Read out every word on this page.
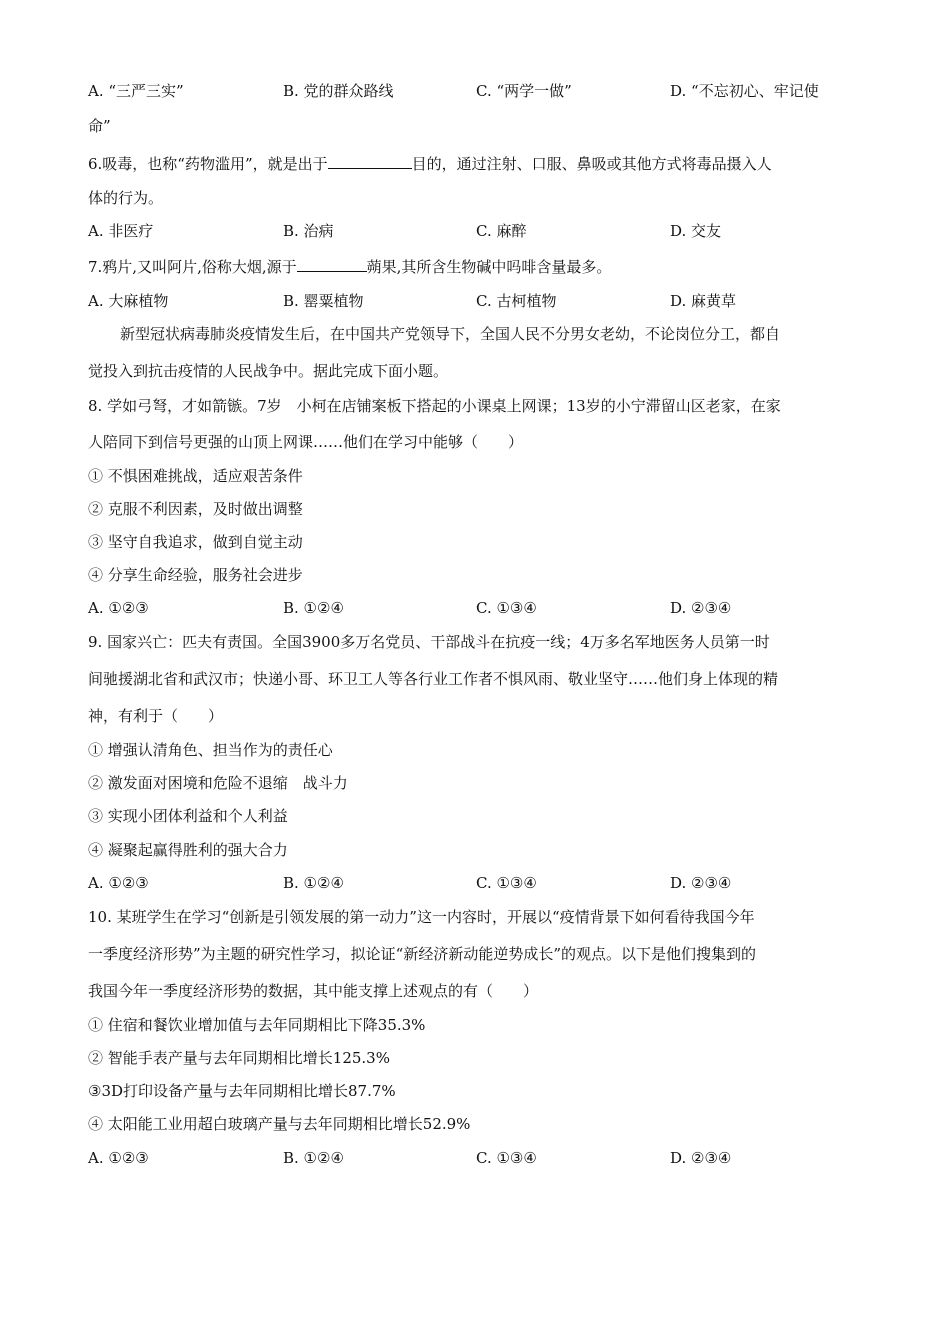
A. “三严三实”	B. 党的群众路线	C. “两学一做”	D. “不忘初心、牢记使
命”
6.吸毒，也称“药物滥用”，就是出于	目的，通过注射、口服、鼻吸或其他方式将毒品摄入人
体的行为。
A. 非医疗	B. 治病	C. 麻醉	D. 交友
7.鸦片,又叫阿片,俗称大烟,源于	蒴果,其所含生物碱中吗啡含量最多。
A. 大麻植物	B. 罂粟植物	C. 古柯植物	D. 麻黄草
新型冠状病毒肺炎疫情发生后，在中国共产党领导下，全国人民不分男女老幼，不论岗位分工，都自
觉投入到抗击疫情的人民战争中。据此完成下面小题。
8. 学如弓弩，才如箭镞。7岁　小柯在店铺案板下搭起的小课桌上网课；13岁的小宁滞留山区老家，在家
人陪同下到信号更强的山顶上网课……他们在学习中能够（　　）
① 不惧困难挑战，适应艰苦条件
② 克服不利因素，及时做出调整
③ 坚守自我追求，做到自觉主动
④ 分享生命经验，服务社会进步
A. ①②③	B. ①②④	C. ①③④	D. ②③④
9. 国家兴亡：匹夫有责国。全国3900多万名党员、干部战斗在抗疫一线；4万多名军地医务人员第一时
间驰援湖北省和武汉市；快递小哥、环卫工人等各行业工作者不惧风雨、敬业坚守……他们身上体现的精
神，有利于（　　）
① 增强认清角色、担当作为的责任心
② 激发面对困境和危险不退缩　战斗力
③ 实现小团体利益和个人利益
④ 凝聚起赢得胜利的强大合力
A. ①②③	B. ①②④	C. ①③④	D. ②③④
10. 某班学生在学习“创新是引领发展的第一动力”这一内容时，开展以“疫情背景下如何看待我国今年
一季度经济形势”为主题的研究性学习，拟论证“新经济新动能逆势成长”的观点。以下是他们搜集到的
我国今年一季度经济形势的数据，其中能支撑上述观点的有（　　）
① 住宿和餐饮业增加值与去年同期相比下降35.3%
② 智能手表产量与去年同期相比增长125.3%
③3D打印设备产量与去年同期相比增长87.7%
④ 太阳能工业用超白玻璃产量与去年同期相比增长52.9%
A. ①②③	B. ①②④	C. ①③④	D. ②③④
